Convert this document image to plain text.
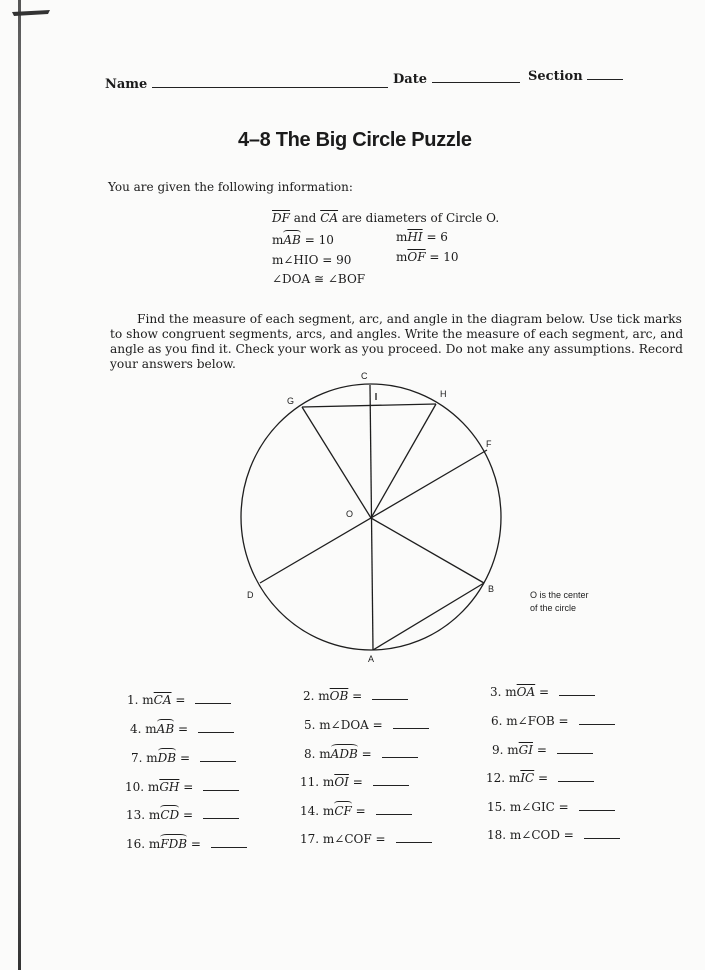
Name	Date	Section
4–8 The Big Circle Puzzle
You are given the following information:
$\overline{DF}$ and $\overline{CA}$ are diameters of Circle O.
mAB = 10	$m\overline{HI} = 6$
m∠HIO = 90	$m\overline{OF} = 10$
∠DOA ≅ ∠BOF
Find the measure of each segment, arc, and angle in the diagram below. Use tick marks
to show congruent segments, arcs, and angles. Write the measure of each segment, arc, and
angle as you find it. Check your work as you proceed. Do not make any assumptions. Record
your answers below.
C
G
H
F
O
D
B
A
O is the center
of the circle
1. $m\overline{CA}$ =	2. $m\overline{OB}$ =	3. $m\overline{OA}$ =
4. mAB =	5. m∠DOA =	6. m∠FOB =
7. mDB =	8. mADB =	9. $m\overline{GI}$ =
10. $m\overline{GH}$ =	11. $m\overline{OI}$ =	12. $m\overline{IC}$ =
13. mCD =	14. mCF =	15. m∠GIC =
16. mFDB =	17. m∠COF =	18. m∠COD =
